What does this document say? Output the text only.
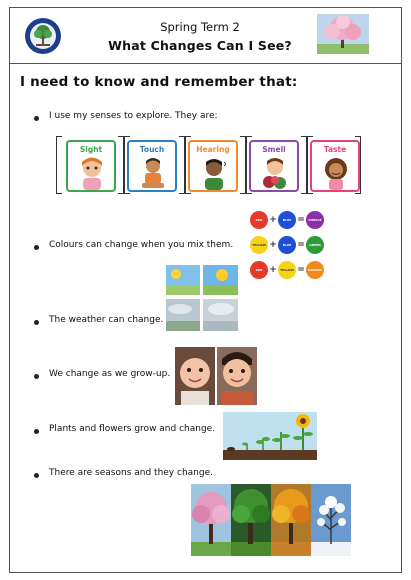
Spring Term 2
What Changes Can I See?
I need to know and remember that:
I use my senses to explore. They are:
Sight	Touch	Hearing	Smell	Taste
RED +	BLUE =	PURPLE
YELLOW +	BLUE =	GREEN
RED +	YELLOW =	ORANGE
Colours can change when you mix them.
The weather can change.
We change as we grow-up.
Plants and flowers grow and change.
There are seasons and they change.
